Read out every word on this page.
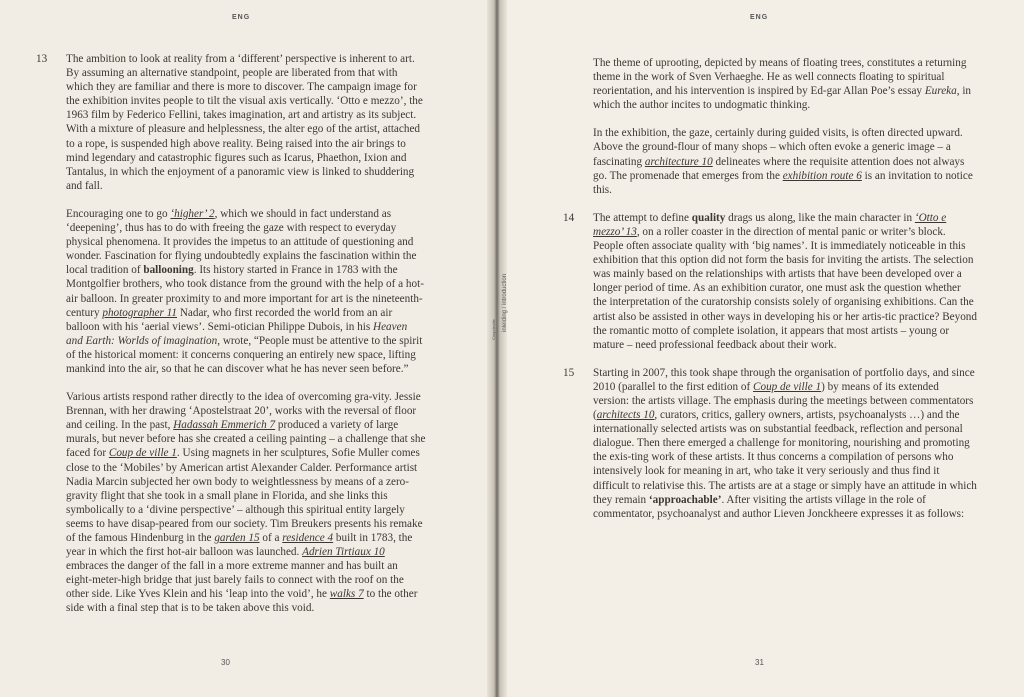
ENG

13 The ambition to look at reality from a ‘different’ perspective is inherent to art. By assuming an alternative standpoint, people are liberated from that with which they are familiar and there is more to discover. The campaign image for the exhibition invites people to tilt the visual axis vertically. ‘Otto e mezzo’, the 1963 film by Federico Fellini, takes imagination, art and artistry as its subject. With a mixture of pleasure and helplessness, the alter ego of the artist, attached to a rope, is suspended high above reality. Being raised into the air brings to mind legendary and catastrophic figures such as Icarus, Phaethon, Ixion and Tantalus, in which the enjoyment of a panoramic view is linked to shuddering and fall.

Encouraging one to go ‘higher’ 2, which we should in fact understand as ‘deepening’, thus has to do with freeing the gaze with respect to everyday physical phenomena. It provides the impetus to an attitude of questioning and wonder. Fascination for flying undoubtedly explains the fascination within the local tradition of ballooning. Its history started in France in 1783 with the Montgolfier brothers, who took distance from the ground with the help of a hot-air balloon. In greater proximity to and more important for art is the nineteenth-century photographer 11 Nadar, who first recorded the world from an air balloon with his ‘aerial views’. Semi-otician Philippe Dubois, in his Heaven and Earth: Worlds of imagination, wrote, “People must be attentive to the spirit of the historical moment: it concerns conquering an entirely new space, lifting mankind into the air, so that he can discover what he has never seen before.”

Various artists respond rather directly to the idea of overcoming gra-vity. Jessie Brennan, with her drawing ‘Apostelstraat 20’, works with the reversal of floor and ceiling. In the past, Hadassah Emmerich 7 produced a variety of large murals, but never before has she created a ceiling painting – a challenge that she faced for Coup de ville 1. Using magnets in her sculptures, Sofie Muller comes close to the ‘Mobiles’ by American artist Alexander Calder. Performance artist Nadia Marcin subjected her own body to weightlessness by means of a zero-gravity flight that she took in a small plane in Florida, and she links this symbolically to a ‘divine perspective’ – although this spiritual entity largely seems to have disap-peared from our society. Tim Breukers presents his remake of the famous Hindenburg in the garden 15 of a residence 4 built in 1783, the year in which the first hot-air balloon was launched. Adrien Tirtiaux 10 embraces the danger of the fall in a more extreme manner and has built an eight-meter-high bridge that just barely fails to connect with the roof on the other side. Like Yves Klein and his ‘leap into the void’, he walks 7 to the other side with a final step that is to be taken above this void.

30
ENG

The theme of uprooting, depicted by means of floating trees, constitutes a returning theme in the work of Sven Verhaeghe. He as well connects floating to spiritual reorientation, and his intervention is inspired by Ed-gar Allan Poe’s essay Eureka, in which the author incites to undogmatic thinking.

In the exhibition, the gaze, certainly during guided visits, is often directed upward. Above the ground-flour of many shops – which often evoke a generic image – a fascinating architecture 10 delineates where the requisite attention does not always go. The promenade that emerges from the exhibition route 6 is an invitation to notice this.

14 The attempt to define quality drags us along, like the main character in ‘Otto e mezzo’ 13, on a roller coaster in the direction of mental panic or writer’s block. People often associate quality with ‘big names’. It is immediately noticeable in this exhibition that this option did not form the basis for inviting the artists. The selection was mainly based on the relationships with artists that have been developed over a longer period of time. As an exhibition curator, one must ask the question whether the interpretation of the curatorship consists solely of organising exhibitions. Can the artist also be assisted in other ways in developing his or her artis-tic practice? Beyond the romantic motto of complete isolation, it appears that most artists – young or mature – need professional feedback about their work.

15 Starting in 2007, this took shape through the organisation of portfolio days, and since 2010 (parallel to the first edition of Coup de ville 1) by means of its extended version: the artists village. The emphasis during the meetings between commentators (architects 10, curators, critics, gallery owners, artists, psychoanalysts …) and the internationally selected artists was on substantial feedback, reflection and personal dialogue. Then there emerged a challenge for monitoring, nourishing and promoting the exis-ting work of these artists. It thus concerns a compilation of persons who intensively look for meaning in art, who take it very seriously and thus find it difficult to relativise this. The artists are at a stage or simply have an attitude in which they remain ‘approachable’. After visiting the artists village in the role of commentator, psychoanalyst and author Lieven Jonckheere expresses it as follows:

31
Coupdeville inleiding / introduction
